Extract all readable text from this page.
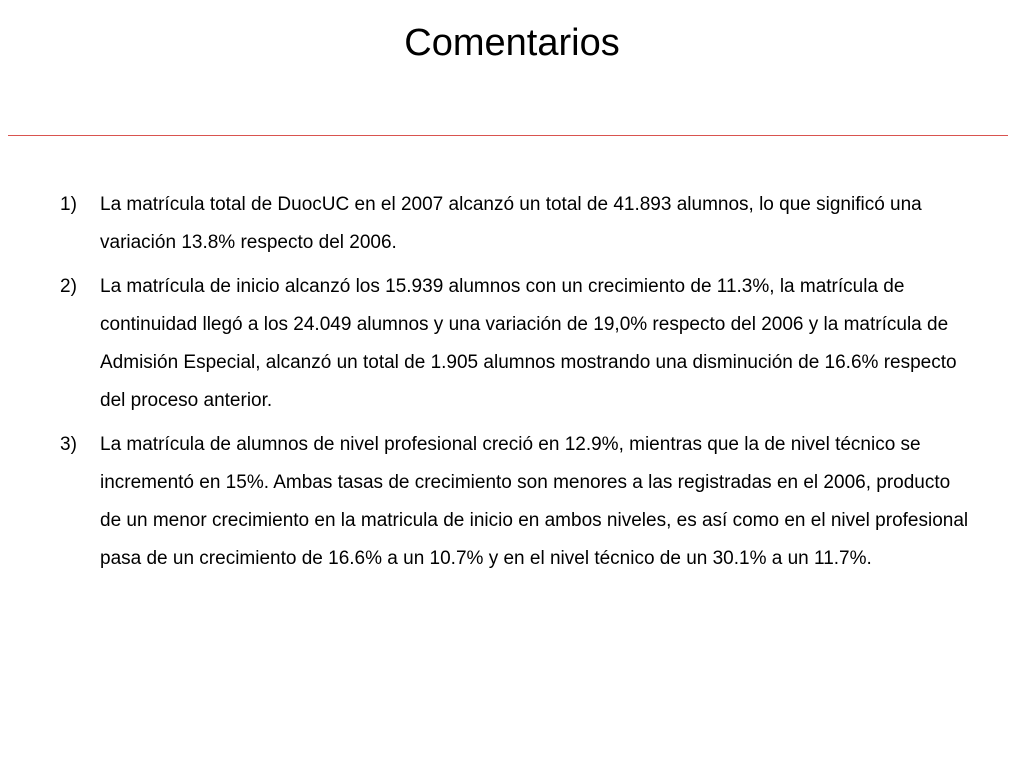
Comentarios
1)	La matrícula total de DuocUC en el 2007 alcanzó un total de 41.893 alumnos, lo que significó una variación 13.8% respecto del 2006.
2)	La matrícula de inicio alcanzó los 15.939 alumnos con un crecimiento de 11.3%, la matrícula de continuidad llegó a los 24.049 alumnos y una variación de 19,0% respecto del 2006 y la matrícula de Admisión Especial, alcanzó un total de 1.905 alumnos mostrando una disminución de 16.6% respecto del proceso anterior.
3)	La matrícula de alumnos de nivel profesional creció en 12.9%, mientras que la de nivel técnico se incrementó en 15%. Ambas tasas de crecimiento son menores a las registradas en el 2006, producto de un menor crecimiento en la matricula de inicio en ambos niveles, es así como en el nivel profesional pasa de un crecimiento de 16.6% a un 10.7% y en el nivel técnico de un 30.1% a un 11.7%.
